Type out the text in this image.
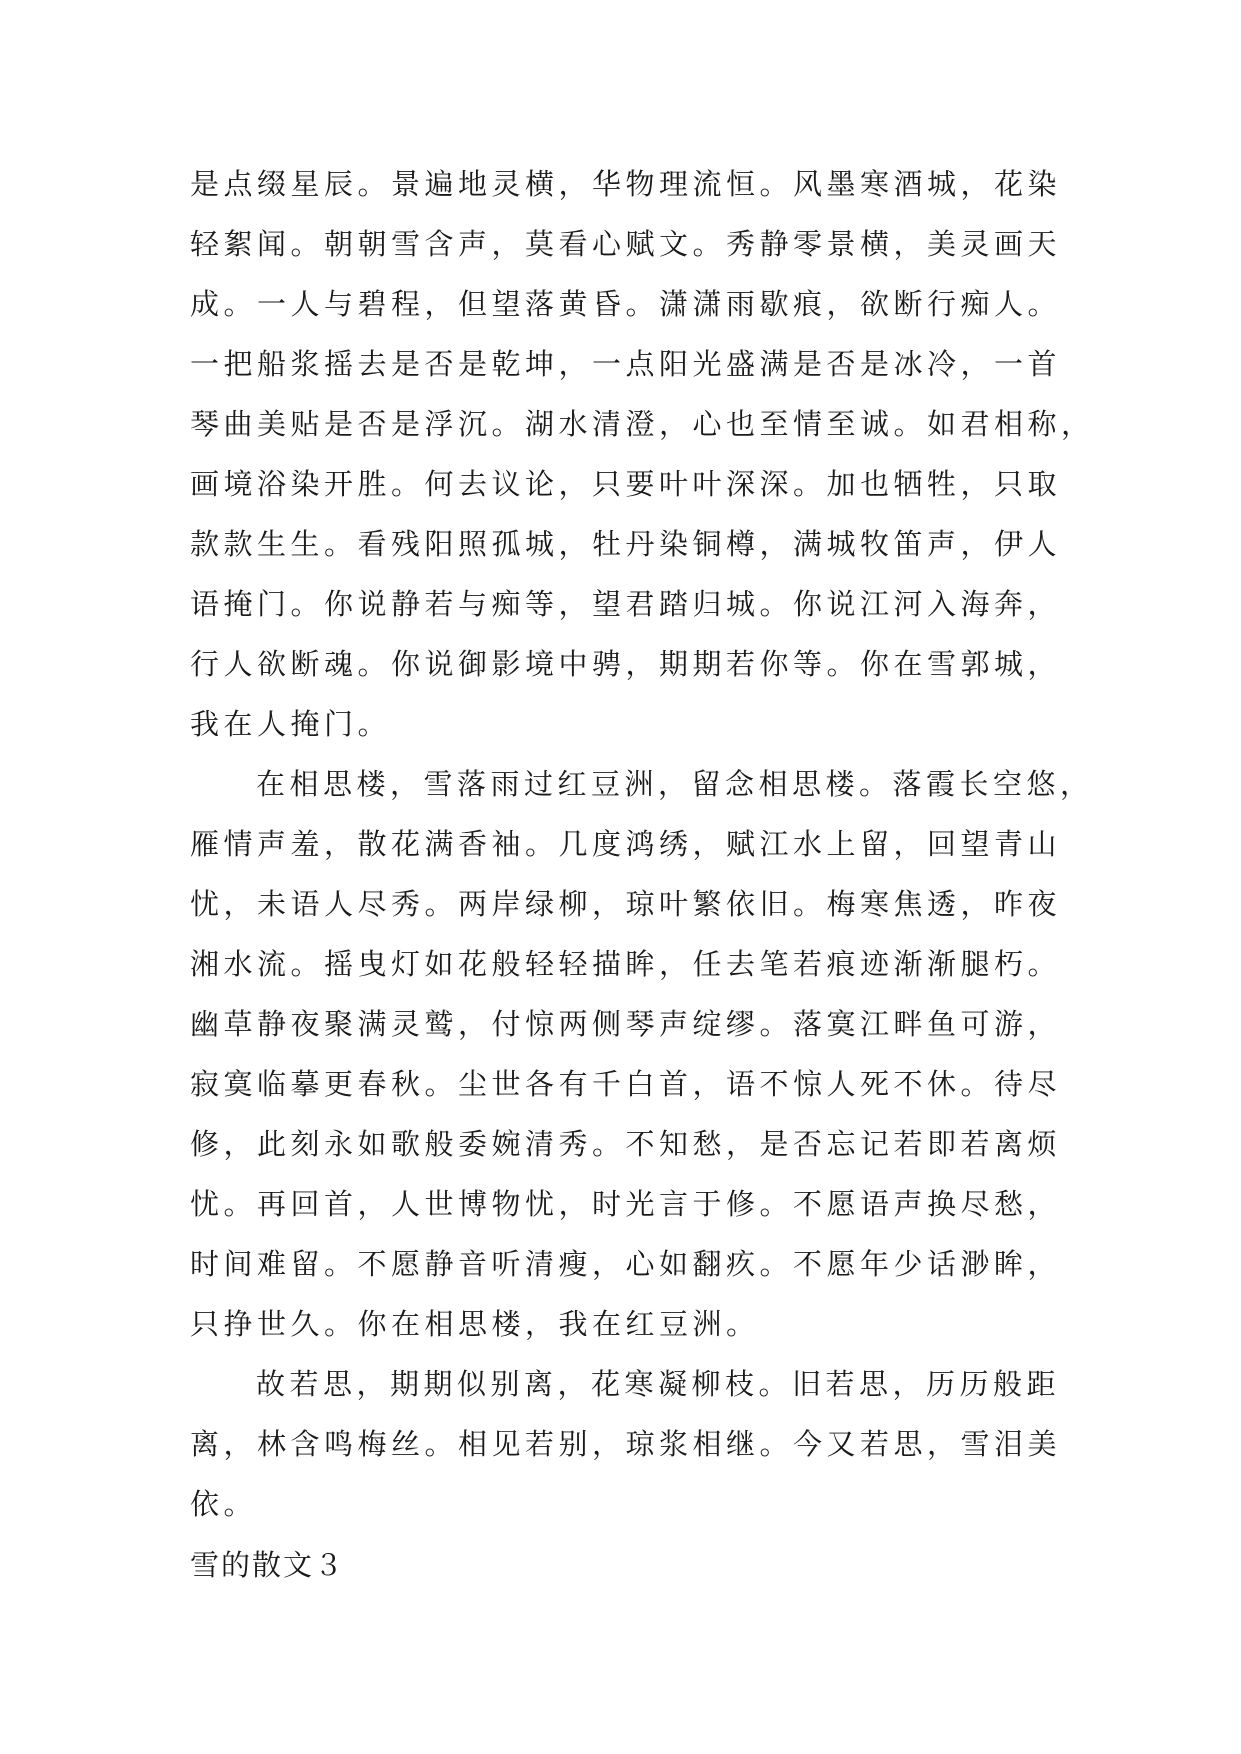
是点缀星辰。景遍地灵横，华物理流恒。风墨寒酒城，花染
轻絮闻。朝朝雪含声，莫看心赋文。秀静零景横，美灵画天
成。一人与碧程，但望落黄昏。潇潇雨歇痕，欲断行痴人。
一把船浆摇去是否是乾坤，一点阳光盛满是否是冰冷，一首
琴曲美贴是否是浮沉。湖水清澄，心也至情至诚。如君相称，
画境浴染开胜。何去议论，只要叶叶深深。加也牺牲，只取
款款生生。看残阳照孤城，牡丹染铜樽，满城牧笛声，伊人
语掩门。你说静若与痴等，望君踏归城。你说江河入海奔，
行人欲断魂。你说御影境中骋，期期若你等。你在雪郭城，
我在人掩门。
在相思楼，雪落雨过红豆洲，留念相思楼。落霞长空悠，
雁情声羞，散花满香袖。几度鸿绣，赋江水上留，回望青山
忧，未语人尽秀。两岸绿柳，琼叶繁依旧。梅寒焦透，昨夜
湘水流。摇曳灯如花般轻轻描眸，任去笔若痕迹渐渐腿朽。
幽草静夜聚满灵鹫，付惊两侧琴声绽缪。落寞江畔鱼可游，
寂寞临摹更春秋。尘世各有千白首，语不惊人死不休。待尽
修，此刻永如歌般委婉清秀。不知愁，是否忘记若即若离烦
忧。再回首，人世博物忧，时光言于修。不愿语声换尽愁，
时间难留。不愿静音听清瘦，心如翻疚。不愿年少话渺眸，
只挣世久。你在相思楼，我在红豆洲。
故若思，期期似别离，花寒凝柳枝。旧若思，历历般距
离，林含鸣梅丝。相见若别，琼浆相继。今又若思，雪泪美
依。
雪的散文３
